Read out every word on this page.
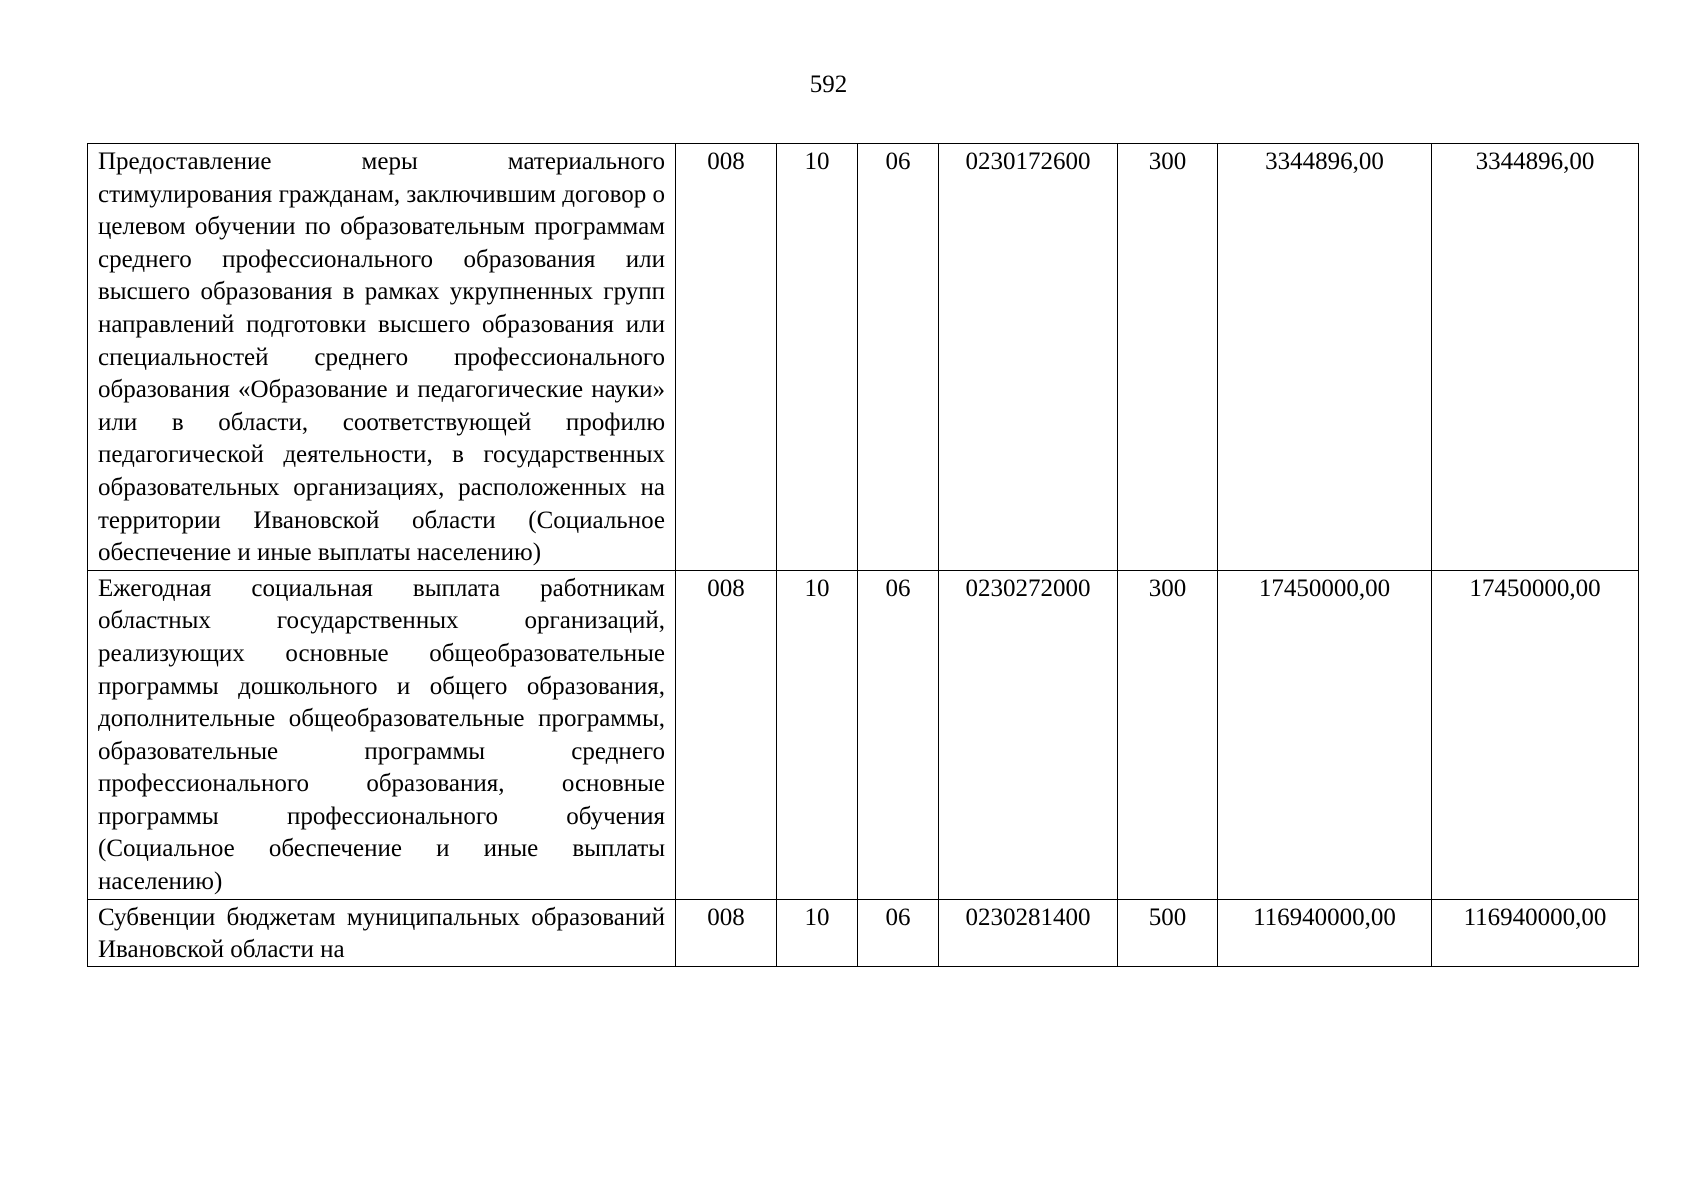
592
Предоставление меры материального стимулирования гражданам, заключившим договор о целевом обучении по образовательным программам среднего профессионального образования или высшего образования в рамках укрупненных групп направлений подготовки высшего образования или специальностей среднего профессионального образования «Образование и педагогические науки» или в области, соответствующей профилю педагогической деятельности, в государственных образовательных организациях, расположенных на территории Ивановской области (Социальное обеспечение и иные выплаты населению)	008	10	06	0230172600	300	3344896,00	3344896,00
Ежегодная социальная выплата работникам областных государственных организаций, реализующих основные общеобразовательные программы дошкольного и общего образования, дополнительные общеобразовательные программы, образовательные программы среднего профессионального образования, основные программы профессионального обучения (Социальное обеспечение и иные выплаты населению)	008	10	06	0230272000	300	17450000,00	17450000,00

Субвенции бюджетам муниципальных образований Ивановской области на	008	10	06	0230281400	500	116940000,00	116940000,00
